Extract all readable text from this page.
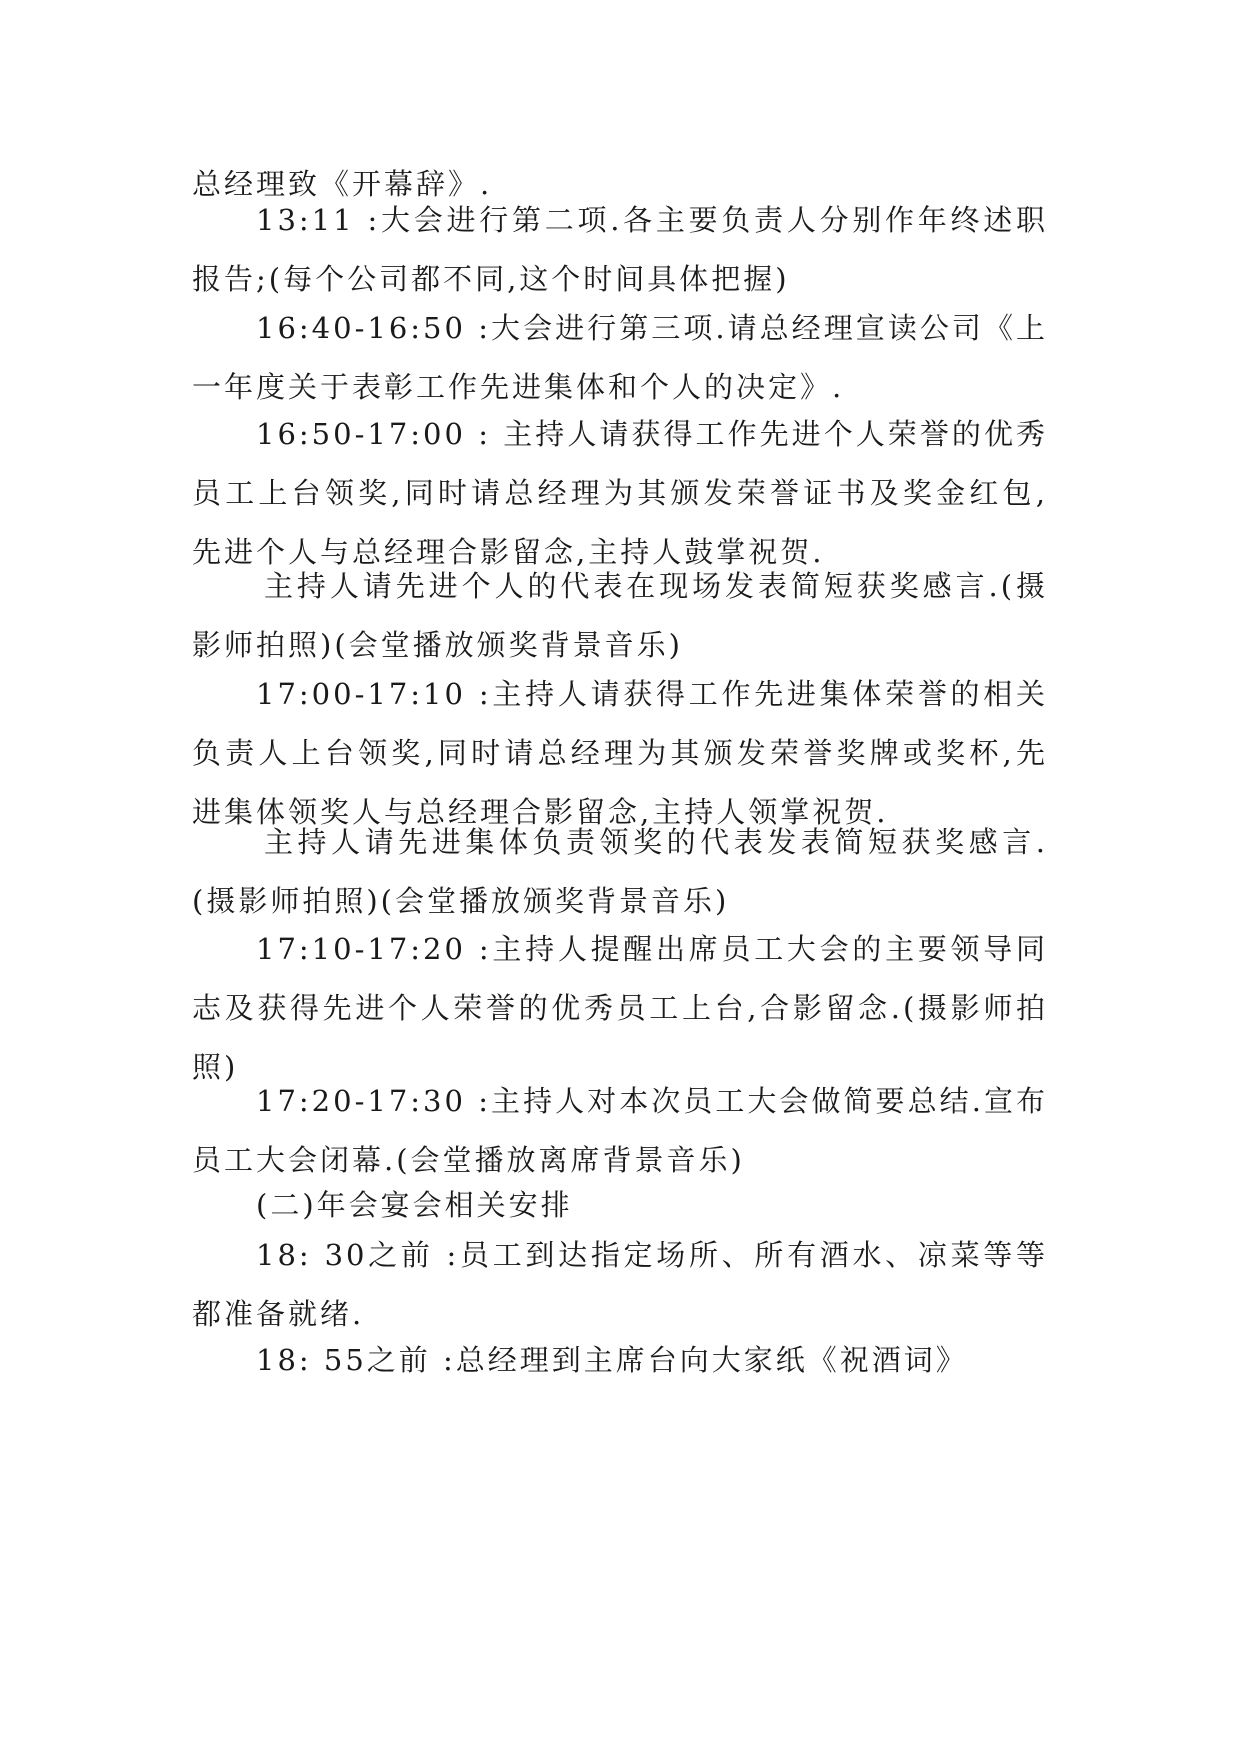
总经理致《开幕辞》.

13:11 :大会进行第二项.各主要负责人分别作年终述职报告;(每个公司都不同,这个时间具体把握)

16:40-16:50 :大会进行第三项.请总经理宣读公司《上一年度关于表彰工作先进集体和个人的决定》.

16:50-17:00 : 主持人请获得工作先进个人荣誉的优秀员工上台领奖,同时请总经理为其颁发荣誉证书及奖金红包,先进个人与总经理合影留念,主持人鼓掌祝贺.

主持人请先进个人的代表在现场发表简短获奖感言.(摄影师拍照)(会堂播放颁奖背景音乐)

17:00-17:10 :主持人请获得工作先进集体荣誉的相关负责人上台领奖,同时请总经理为其颁发荣誉奖牌或奖杯,先进集体领奖人与总经理合影留念,主持人领掌祝贺.

主持人请先进集体负责领奖的代表发表简短获奖感言.(摄影师拍照)(会堂播放颁奖背景音乐)

17:10-17:20 :主持人提醒出席员工大会的主要领导同志及获得先进个人荣誉的优秀员工上台,合影留念.(摄影师拍照)

17:20-17:30 :主持人对本次员工大会做简要总结.宣布员工大会闭幕.(会堂播放离席背景音乐)

(二)年会宴会相关安排

18: 30之前 :员工到达指定场所、所有酒水、凉菜等等都准备就绪.

18: 55之前 :总经理到主席台向大家纸《祝酒词》
